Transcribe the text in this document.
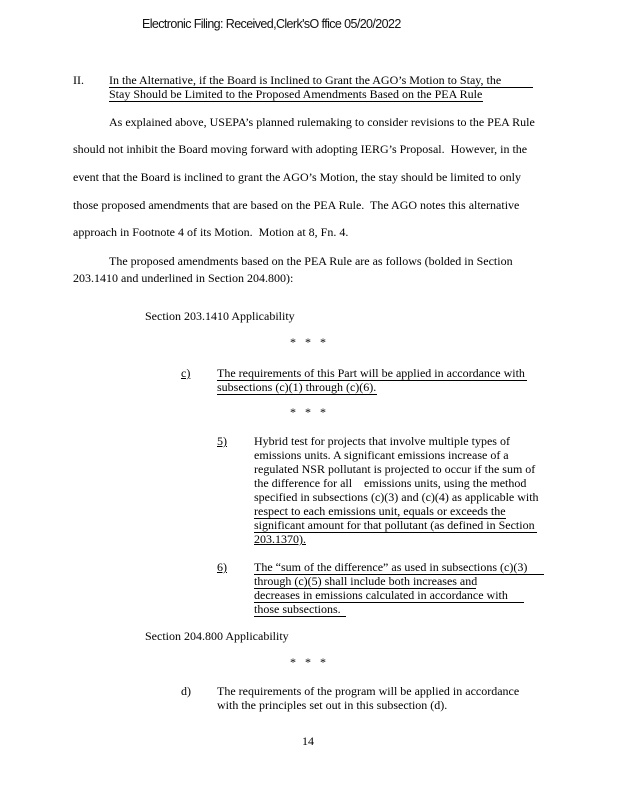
Electronic Filing: Received,Clerk'sO ffice 05/20/2022
II. In the Alternative, if the Board is Inclined to Grant the AGO’s Motion to Stay, the
Stay Should be Limited to the Proposed Amendments Based on the PEA Rule
As explained above, USEPA’s planned rulemaking to consider revisions to the PEA Rule
should not inhibit the Board moving forward with adopting IERG’s Proposal.  However, in the
event that the Board is inclined to grant the AGO’s Motion, the stay should be limited to only
those proposed amendments that are based on the PEA Rule.  The AGO notes this alternative
approach in Footnote 4 of its Motion.  Motion at 8, Fn. 4.
The proposed amendments based on the PEA Rule are as follows (bolded in Section
203.1410 and underlined in Section 204.800):
Section 203.1410 Applicability
*   *   *
c) The requirements of this Part will be applied in accordance with
subsections (c)(1) through (c)(6).
*   *   *
5) Hybrid test for projects that involve multiple types of
emissions units. A significant emissions increase of a
regulated NSR pollutant is projected to occur if the sum of
the difference for all    emissions units, using the method
specified in subsections (c)(3) and (c)(4) as applicable with
respect to each emissions unit, equals or exceeds the
significant amount for that pollutant (as defined in Section
203.1370).
6) The “sum of the difference” as used in subsections (c)(3)
through (c)(5) shall include both increases and
decreases in emissions calculated in accordance with
those subsections.
Section 204.800 Applicability
*   *   *
d) The requirements of the program will be applied in accordance
with the principles set out in this subsection (d).
14
